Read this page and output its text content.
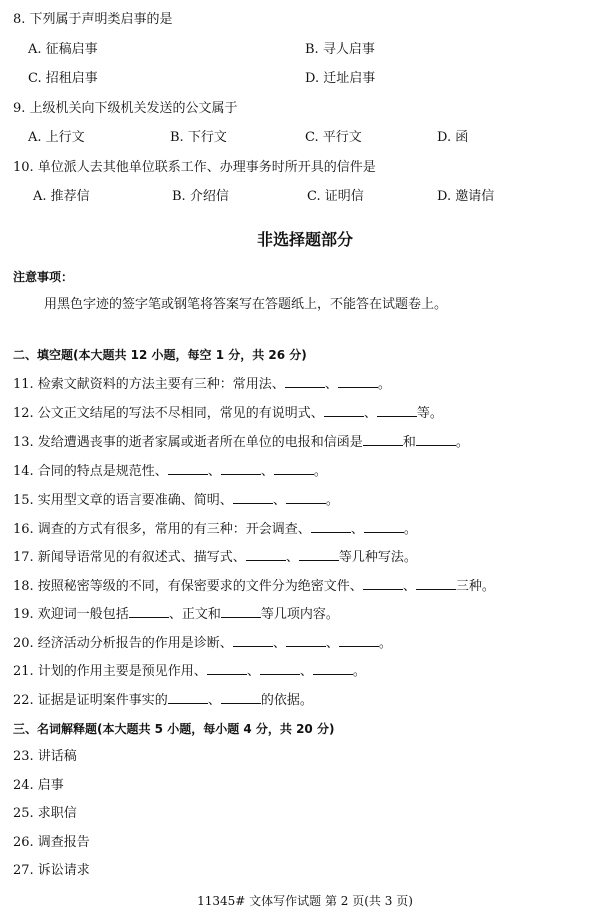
8. 下列属于声明类启事的是
A. 征稿启事	B. 寻人启事
C. 招租启事	D. 迁址启事
9. 上级机关向下级机关发送的公文属于
A. 上行文	B. 下行文	C. 平行文	D. 函
10. 单位派人去其他单位联系工作、办理事务时所开具的信件是
A. 推荐信	B. 介绍信	C. 证明信	D. 邀请信
非选择题部分
注意事项：
用黑色字迹的签字笔或钢笔将答案写在答题纸上，不能答在试题卷上。
二、填空题(本大题共 12 小题，每空 1 分，共 26 分)
11. 检索文献资料的方法主要有三种：常用法、	、	。
12. 公文正文结尾的写法不尽相同，常见的有说明式、	、	等。
13. 发给遭遇丧事的逝者家属或逝者所在单位的电报和信函是	和	。
14. 合同的特点是规范性、	、	、	。
15. 实用型文章的语言要准确、简明、	、	。
16. 调查的方式有很多，常用的有三种：开会调查、	、	。
17. 新闻导语常见的有叙述式、描写式、	、	等几种写法。
18. 按照秘密等级的不同，有保密要求的文件分为绝密文件、	、	三种。
19. 欢迎词一般包括	、正文和	等几项内容。
20. 经济活动分析报告的作用是诊断、	、	、	。
21. 计划的作用主要是预见作用、	、	、	。
22. 证据是证明案件事实的	、	的依据。
三、名词解释题(本大题共 5 小题，每小题 4 分，共 20 分)
23. 讲话稿
24. 启事
25. 求职信
26. 调查报告
27. 诉讼请求
11345# 文体写作试题 第 2 页(共 3 页)
